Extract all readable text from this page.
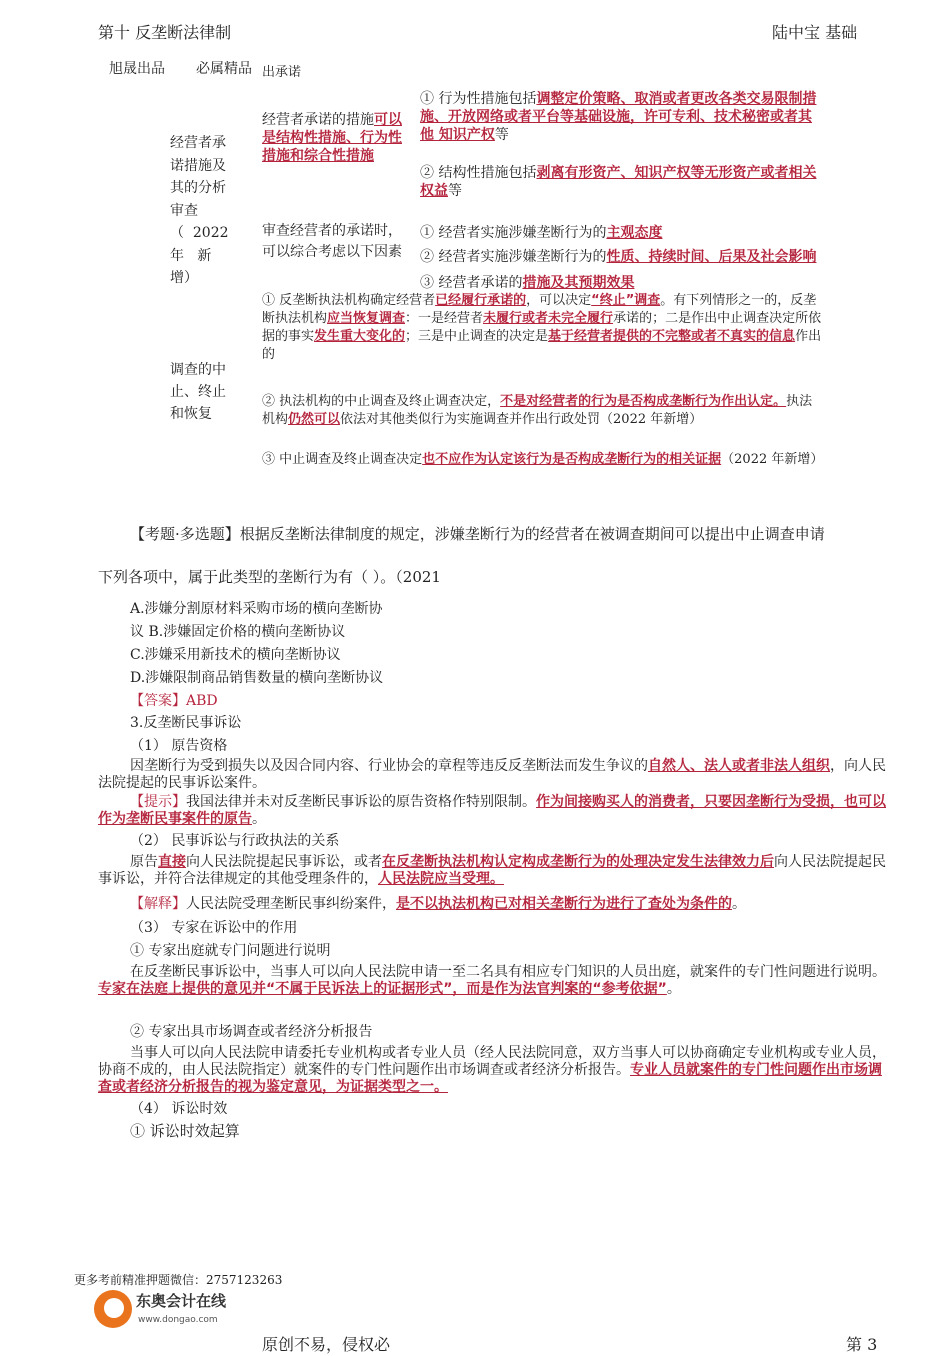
第十 反垄断法律制	陆中宝 基础
旭晟出品 必属精品 出承诺
经营者承
诺措施及
其的分析
审查
（  2022
年   新
增）
经营者承诺的措施可以是结构性措施、行为性措施和综合性措施
① 行为性措施包括调整定价策略、取消或者更改各类交易限制措施、开放网络或者平台等基础设施，许可专利、技术秘密或者其他 知识产权等
② 结构性措施包括剥离有形资产、知识产权等无形资产或者相关权益等
审查经营者的承诺时，可以综合考虑以下因素
① 经营者实施涉嫌垄断行为的主观态度
② 经营者实施涉嫌垄断行为的性质、持续时间、后果及社会影响
③ 经营者承诺的措施及其预期效果
调查的中
止、终止
和恢复
① 反垄断执法机构确定经营者已经履行承诺的，可以决定“终止”调查。有下列情形之一的，反垄断执法机构应当恢复调查：一是经营者未履行或者未完全履行承诺的；二是作出中止调查决定所依据的事实发生重大变化的；三是中止调查的决定是基于经营者提供的不完整或者不真实的信息作出的
② 执法机构的中止调查及终止调查决定，不是对经营者的行为是否构成垄断行为作出认定。执法机构仍然可以依法对其他类似行为实施调查并作出行政处罚（2022 年新增）
③ 中止调查及终止调查决定也不应作为认定该行为是否构成垄断行为的相关证据（2022 年新增）
【考题·多选题】根据反垄断法律制度的规定，涉嫌垄断行为的经营者在被调查期间可以提出中止调查申请
下列各项中，属于此类型的垄断行为有（ ）。（2021
A.涉嫌分割原材料采购市场的横向垄断协
议 B.涉嫌固定价格的横向垄断协议
C.涉嫌采用新技术的横向垄断协议
D.涉嫌限制商品销售数量的横向垄断协议
【答案】ABD
3.反垄断民事诉讼
（1） 原告资格
因垄断行为受到损失以及因合同内容、行业协会的章程等违反反垄断法而发生争议的自然人、法人或者非法人组织，向人民法院提起的民事诉讼案件。
【提示】我国法律并未对反垄断民事诉讼的原告资格作特别限制。作为间接购买人的消费者，只要因垄断行为受损，也可以作为垄断民事案件的原告。
（2） 民事诉讼与行政执法的关系
原告直接向人民法院提起民事诉讼，或者在反垄断执法机构认定构成垄断行为的处理决定发生法律效力后向人民法院提起民事诉讼，并符合法律规定的其他受理条件的，人民法院应当受理。
【解释】人民法院受理垄断民事纠纷案件，是不以执法机构已对相关垄断行为进行了查处为条件的。
（3） 专家在诉讼中的作用
① 专家出庭就专门问题进行说明
在反垄断民事诉讼中，当事人可以向人民法院申请一至二名具有相应专门知识的人员出庭，就案件的专门性问题进行说明。专家在法庭上提供的意见并“不属于民诉法上的证据形式”，而是作为法官判案的“参考依据”。
② 专家出具市场调查或者经济分析报告
当事人可以向人民法院申请委托专业机构或者专业人员（经人民法院同意，双方当事人可以协商确定专业机构或专业人员，协商不成的，由人民法院指定）就案件的专门性问题作出市场调查或者经济分析报告。专业人员就案件的专门性问题作出市场调查或者经济分析报告的视为鉴定意见，为证据类型之一。
（4） 诉讼时效
① 诉讼时效起算
更多考前精准押题微信：2757123263
东奥会计在线
www.dongao.com
原创不易，侵权必	第 3
